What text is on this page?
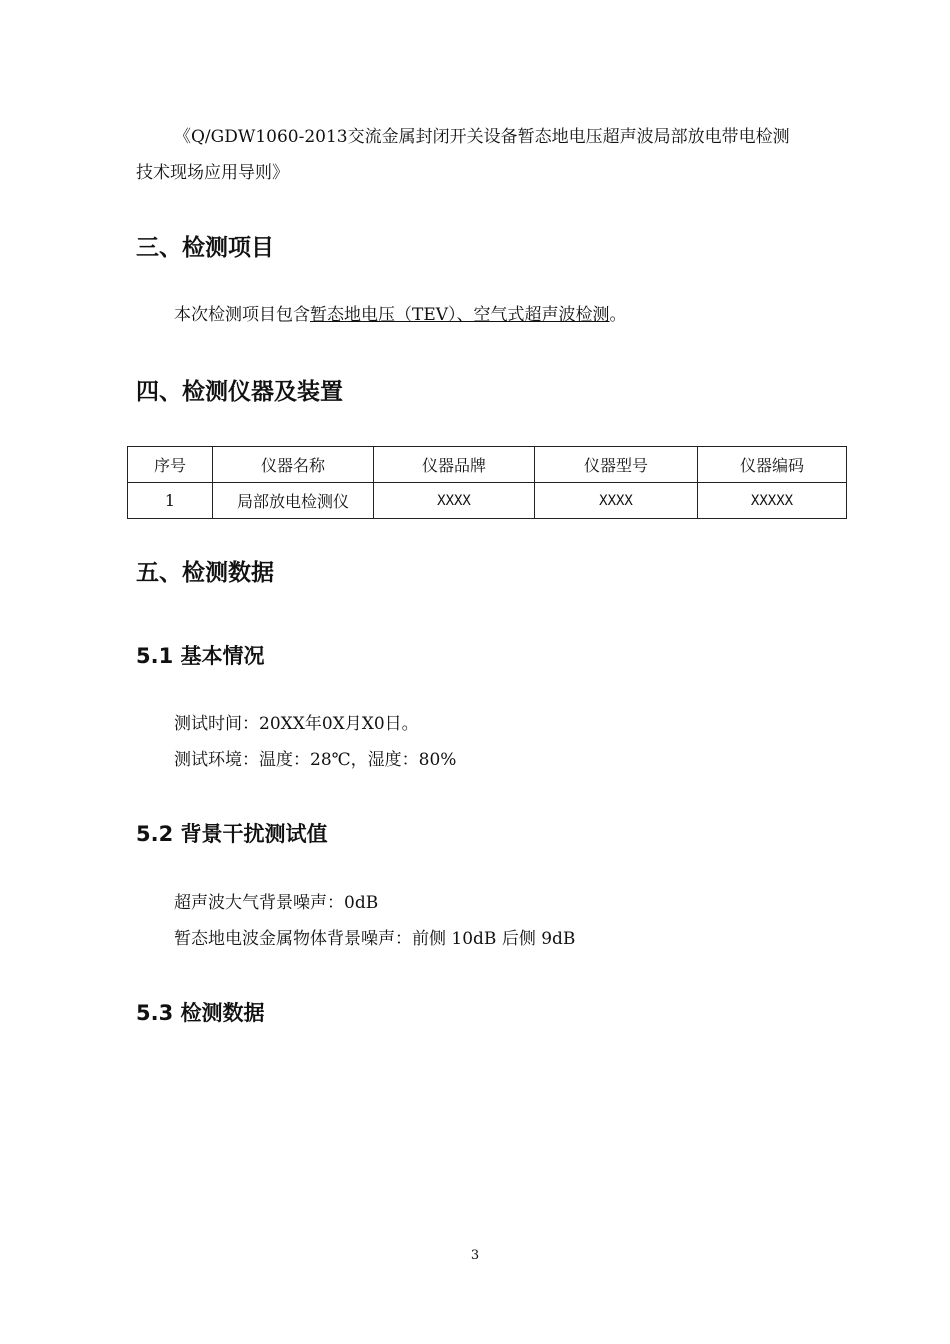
《Q/GDW1060-2013交流金属封闭开关设备暂态地电压超声波局部放电带电检测
技术现场应用导则》
三、检测项目
本次检测项目包含暂态地电压（TEV）、空气式超声波检测。
四、检测仪器及装置
序号	仪器名称	仪器品牌	仪器型号	仪器编码
1	局部放电检测仪	XXXX	XXXX	XXXXX
五、检测数据
5.1 基本情况
测试时间：20XX年0X月X0日。
测试环境：温度：28℃，湿度：80%
5.2 背景干扰测试值
超声波大气背景噪声：0dB
暂态地电波金属物体背景噪声：前侧 10dB 后侧 9dB
5.3 检测数据
3
